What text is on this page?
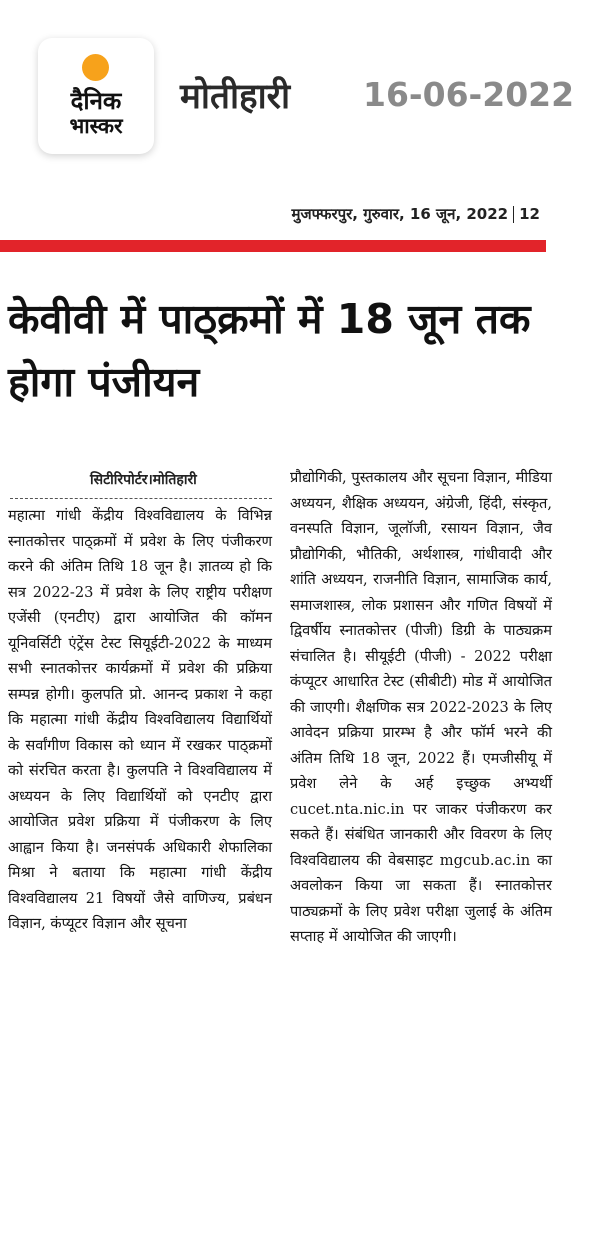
दैनिक
भास्कर
मोतीहारी 16-06-2022
मुजफ्फरपुर, गुरुवार, 16 जून, 2022 12
केवीवी में पाठ्क्रमों में 18 जून तक होगा पंजीयन
सिटीरिपोर्टर।मोतिहारी

महात्मा गांधी केंद्रीय विश्वविद्यालय के विभिन्न स्नातकोत्तर पाठ्क्रमों में प्रवेश के लिए पंजीकरण करने की अंतिम तिथि 18 जून है। ज्ञातव्य हो कि सत्र 2022-23 में प्रवेश के लिए राष्ट्रीय परीक्षण एजेंसी (एनटीए) द्वारा आयोजित की कॉमन यूनिवर्सिटी एंट्रेंस टेस्ट सियूईटी-2022 के माध्यम सभी स्नातकोत्तर कार्यक्रमों में प्रवेश की प्रक्रिया सम्पन्न होगी। कुलपति प्रो. आनन्द प्रकाश ने कहा कि महात्मा गांधी केंद्रीय विश्वविद्यालय विद्यार्थियों के सर्वांगीण विकास को ध्यान में रखकर पाठ्क्रमों को संरचित करता है। कुलपति ने विश्वविद्यालय में अध्ययन के लिए विद्यार्थियों को एनटीए द्वारा आयोजित प्रवेश प्रक्रिया में पंजीकरण के लिए आह्वान किया है। जनसंपर्क अधिकारी शेफालिका मिश्रा ने बताया कि महात्मा गांधी केंद्रीय विश्वविद्यालय 21 विषयों जैसे वाणिज्य, प्रबंधन विज्ञान, कंप्यूटर विज्ञान और सूचना

प्रौद्योगिकी, पुस्तकालय और सूचना विज्ञान, मीडिया अध्ययन, शैक्षिक अध्ययन, अंग्रेजी, हिंदी, संस्कृत, वनस्पति विज्ञान, जूलॉजी, रसायन विज्ञान, जैव प्रौद्योगिकी, भौतिकी, अर्थशास्त्र, गांधीवादी और शांति अध्ययन, राजनीति विज्ञान, सामाजिक कार्य, समाजशास्त्र, लोक प्रशासन और गणित विषयों में द्विवर्षीय स्नातकोत्तर (पीजी) डिग्री के पाठ्यक्रम संचालित है। सीयूईटी (पीजी) - 2022 परीक्षा कंप्यूटर आधारित टेस्ट (सीबीटी) मोड में आयोजित की जाएगी। शैक्षणिक सत्र 2022-2023 के लिए आवेदन प्रक्रिया प्रारम्भ है और फॉर्म भरने की अंतिम तिथि 18 जून, 2022 हैं। एमजीसीयू में प्रवेश लेने के अर्ह इच्छुक अभ्यर्थी cucet.nta.nic.in पर जाकर पंजीकरण कर सकते हैं। संबंधित जानकारी और विवरण के लिए विश्वविद्यालय की वेबसाइट mgcub.ac.in का अवलोकन किया जा सकता हैं। स्नातकोत्तर पाठ्यक्रमों के लिए प्रवेश परीक्षा जुलाई के अंतिम सप्ताह में आयोजित की जाएगी।
